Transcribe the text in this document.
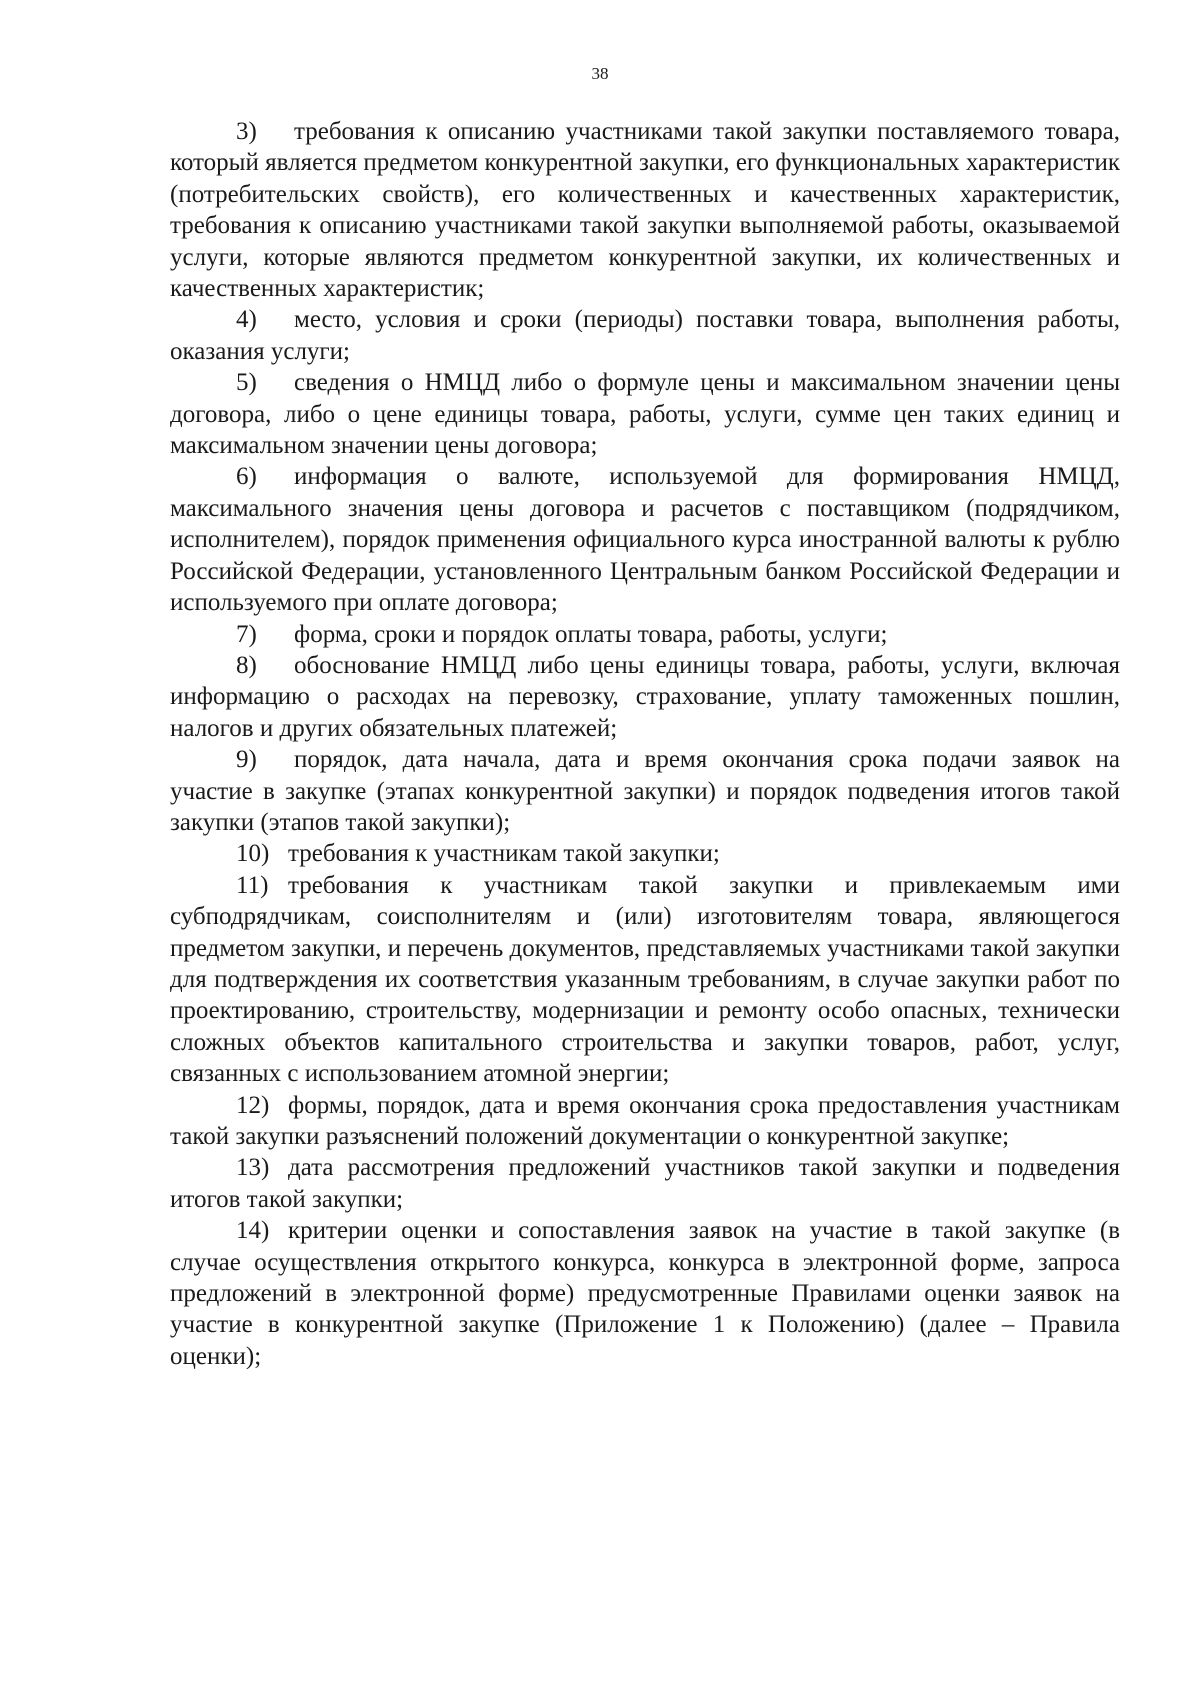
38

3) требования к описанию участниками такой закупки поставляемого товара, который является предметом конкурентной закупки, его функциональных характеристик (потребительских свойств), его количественных и качественных характеристик, требования к описанию участниками такой закупки выполняемой работы, оказываемой услуги, которые являются предметом конкурентной закупки, их количественных и качественных характеристик;

4) место, условия и сроки (периоды) поставки товара, выполнения работы, оказания услуги;

5) сведения о НМЦД либо о формуле цены и максимальном значении цены договора, либо о цене единицы товара, работы, услуги, сумме цен таких единиц и максимальном значении цены договора;

6) информация о валюте, используемой для формирования НМЦД, максимального значения цены договора и расчетов с поставщиком (подрядчиком, исполнителем), порядок применения официального курса иностранной валюты к рублю Российской Федерации, установленного Центральным банком Российской Федерации и используемого при оплате договора;

7) форма, сроки и порядок оплаты товара, работы, услуги;

8) обоснование НМЦД либо цены единицы товара, работы, услуги, включая информацию о расходах на перевозку, страхование, уплату таможенных пошлин, налогов и других обязательных платежей;

9) порядок, дата начала, дата и время окончания срока подачи заявок на участие в закупке (этапах конкурентной закупки) и порядок подведения итогов такой закупки (этапов такой закупки);

10) требования к участникам такой закупки;

11) требования к участникам такой закупки и привлекаемым ими субподрядчикам, соисполнителям и (или) изготовителям товара, являющегося предметом закупки, и перечень документов, представляемых участниками такой закупки для подтверждения их соответствия указанным требованиям, в случае закупки работ по проектированию, строительству, модернизации и ремонту особо опасных, технически сложных объектов капитального строительства и закупки товаров, работ, услуг, связанных с использованием атомной энергии;

12) формы, порядок, дата и время окончания срока предоставления участникам такой закупки разъяснений положений документации о конкурентной закупке;

13) дата рассмотрения предложений участников такой закупки и подведения итогов такой закупки;

14) критерии оценки и сопоставления заявок на участие в такой закупке (в случае осуществления открытого конкурса, конкурса в электронной форме, запроса предложений в электронной форме) предусмотренные Правилами оценки заявок на участие в конкурентной закупке (Приложение 1 к Положению) (далее – Правила оценки);
